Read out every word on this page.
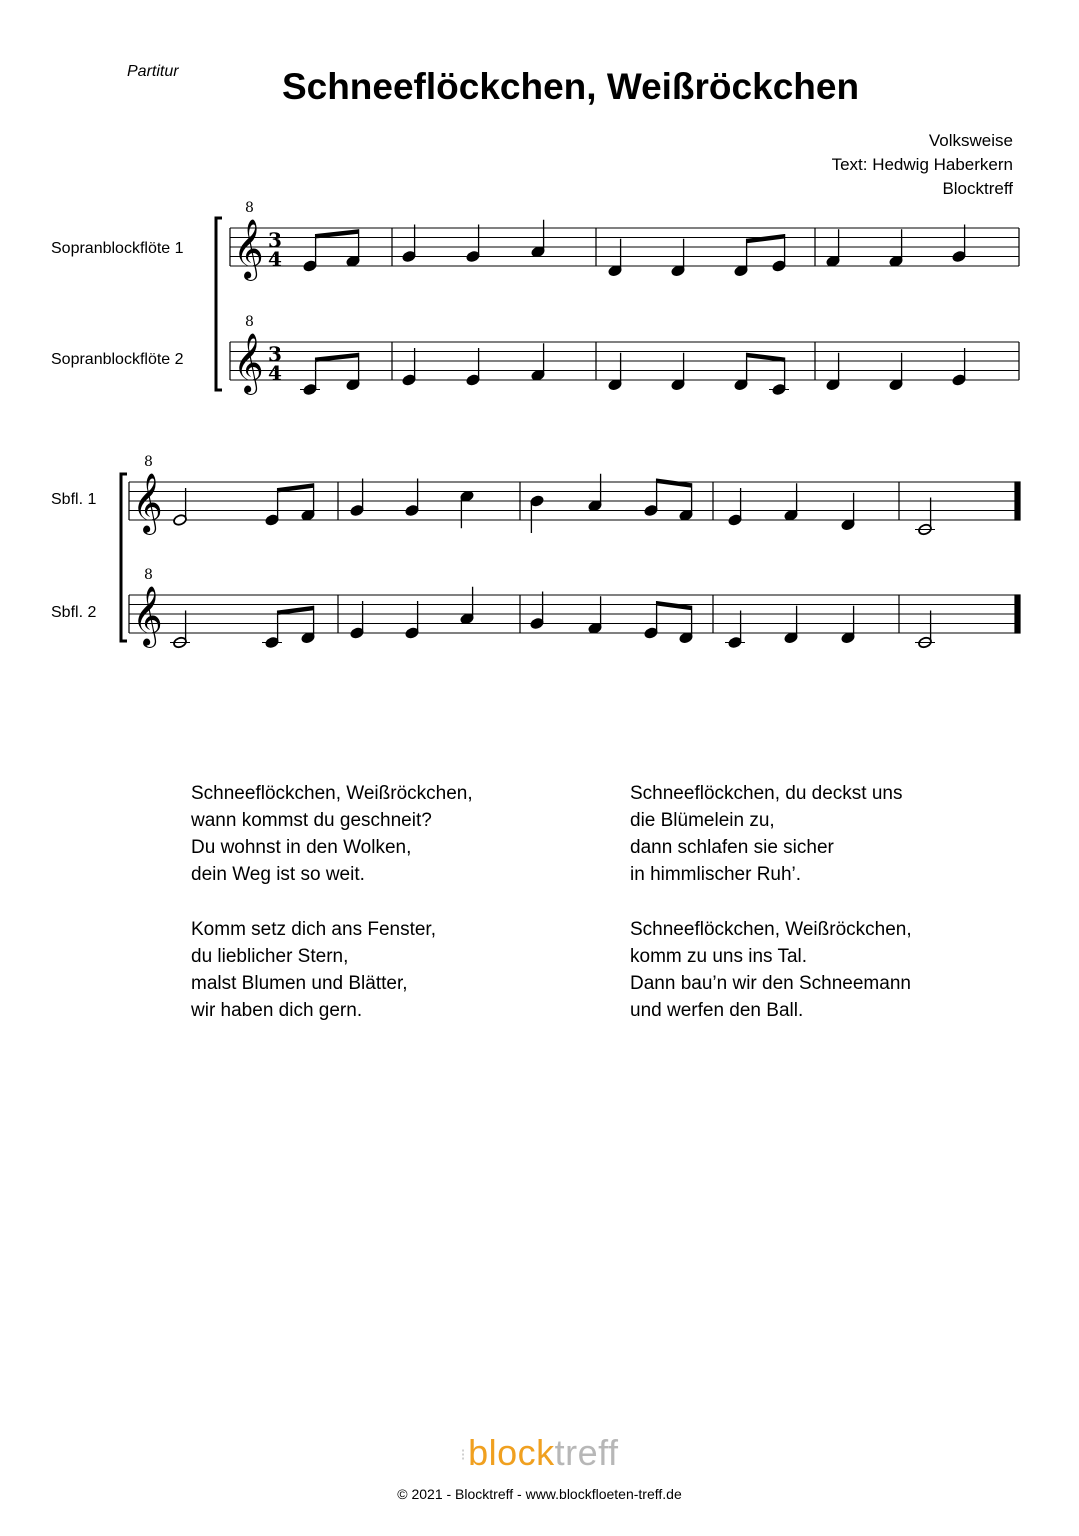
Partitur	Schneeflöckchen, Weißröckchen
Volksweise
Text: Hedwig Haberkern
Blocktreff
Sopranblockflöte 1
Sopranblockflöte 2
Sbfl. 1
Sbfl. 2
𝄞
8
3
4
𝄞
8
3
4
𝄞
8
𝄞
8
Schneeflöckchen, Weißröckchen,
wann kommst du geschneit?
Du wohnst in den Wolken,
dein Weg ist so weit.
Komm setz dich ans Fenster,
du lieblicher Stern,
malst Blumen und Blätter,
wir haben dich gern.
Schneeflöckchen, du deckst uns
die Blümelein zu,
dann schlafen sie sicher
in himmlischer Ruh’.
Schneeflöckchen, Weißröckchen,
komm zu uns ins Tal.
Dann bau’n wir den Schneemann
und werfen den Ball.
⁝blocktreff
© 2021 - Blocktreff - www.blockfloeten-treff.de
